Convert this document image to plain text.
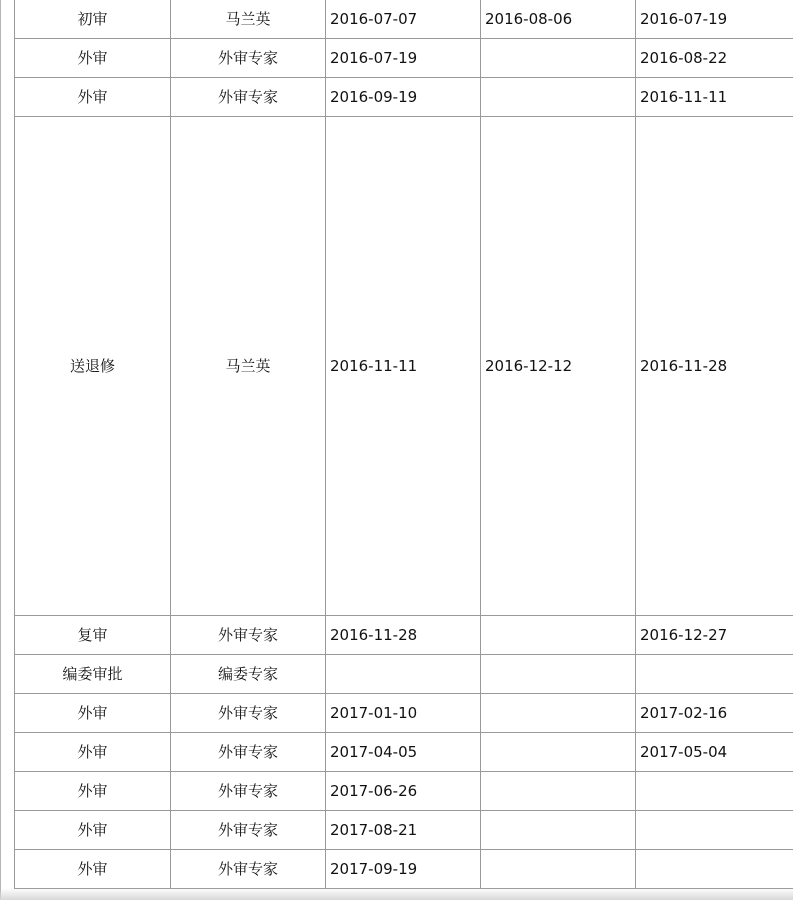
初审	马兰英	2016-07-07	2016-08-06	2016-07-19
外审	外审专家	2016-07-19		2016-08-22
外审	外审专家	2016-09-19		2016-11-11
送退修	马兰英	2016-11-11	2016-12-12	2016-11-28
复审	外审专家	2016-11-28		2016-12-27
编委审批	编委专家			
外审	外审专家	2017-01-10		2017-02-16
外审	外审专家	2017-04-05		2017-05-04
外审	外审专家	2017-06-26		
外审	外审专家	2017-08-21		
外审	外审专家	2017-09-19		
